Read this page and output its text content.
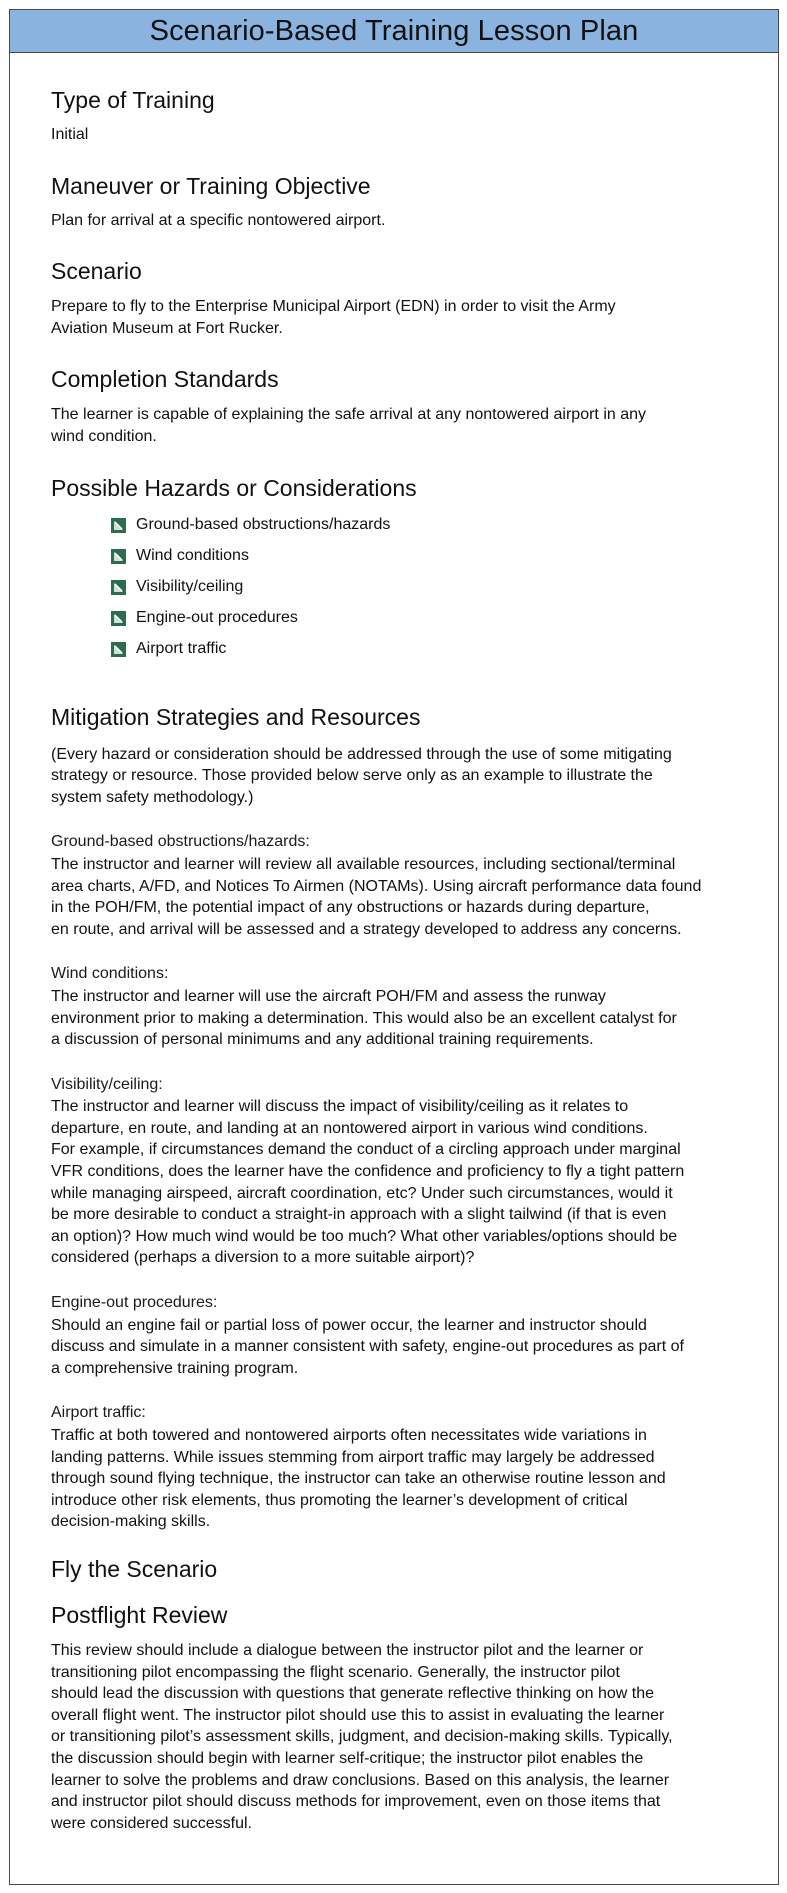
Scenario-Based Training Lesson Plan
Type of Training

Initial

Maneuver or Training Objective

Plan for arrival at a specific nontowered airport.

Scenario

Prepare to fly to the Enterprise Municipal Airport (EDN) in order to visit the Army
Aviation Museum at Fort Rucker.

Completion Standards

The learner is capable of explaining the safe arrival at any nontowered airport in any
wind condition.

Possible Hazards or Considerations
Ground-based obstructions/hazards
Wind conditions
Visibility/ceiling
Engine-out procedures
Airport traffic
Mitigation Strategies and Resources

(Every hazard or consideration should be addressed through the use of some mitigating
strategy or resource. Those provided below serve only as an example to illustrate the
system safety methodology.)

Ground-based obstructions/hazards:

The instructor and learner will review all available resources, including sectional/terminal
area charts, A/FD, and Notices To Airmen (NOTAMs). Using aircraft performance data found
in the POH/FM, the potential impact of any obstructions or hazards during departure,
en route, and arrival will be assessed and a strategy developed to address any concerns.

Wind conditions:

The instructor and learner will use the aircraft POH/FM and assess the runway
environment prior to making a determination. This would also be an excellent catalyst for
a discussion of personal minimums and any additional training requirements.

Visibility/ceiling:

The instructor and learner will discuss the impact of visibility/ceiling as it relates to
departure, en route, and landing at an nontowered airport in various wind conditions.
For example, if circumstances demand the conduct of a circling approach under marginal
VFR conditions, does the learner have the confidence and proficiency to fly a tight pattern
while managing airspeed, aircraft coordination, etc? Under such circumstances, would it
be more desirable to conduct a straight-in approach with a slight tailwind (if that is even
an option)? How much wind would be too much? What other variables/options should be
considered (perhaps a diversion to a more suitable airport)?

Engine-out procedures:

Should an engine fail or partial loss of power occur, the learner and instructor should
discuss and simulate in a manner consistent with safety, engine-out procedures as part of
a comprehensive training program.

Airport traffic:

Traffic at both towered and nontowered airports often necessitates wide variations in
landing patterns. While issues stemming from airport traffic may largely be addressed
through sound flying technique, the instructor can take an otherwise routine lesson and
introduce other risk elements, thus promoting the learner’s development of critical
decision-making skills.

Fly the Scenario
Postflight Review

This review should include a dialogue between the instructor pilot and the learner or
transitioning pilot encompassing the flight scenario. Generally, the instructor pilot
should lead the discussion with questions that generate reflective thinking on how the
overall flight went. The instructor pilot should use this to assist in evaluating the learner
or transitioning pilot’s assessment skills, judgment, and decision-making skills. Typically,
the discussion should begin with learner self-critique; the instructor pilot enables the
learner to solve the problems and draw conclusions. Based on this analysis, the learner
and instructor pilot should discuss methods for improvement, even on those items that
were considered successful.
